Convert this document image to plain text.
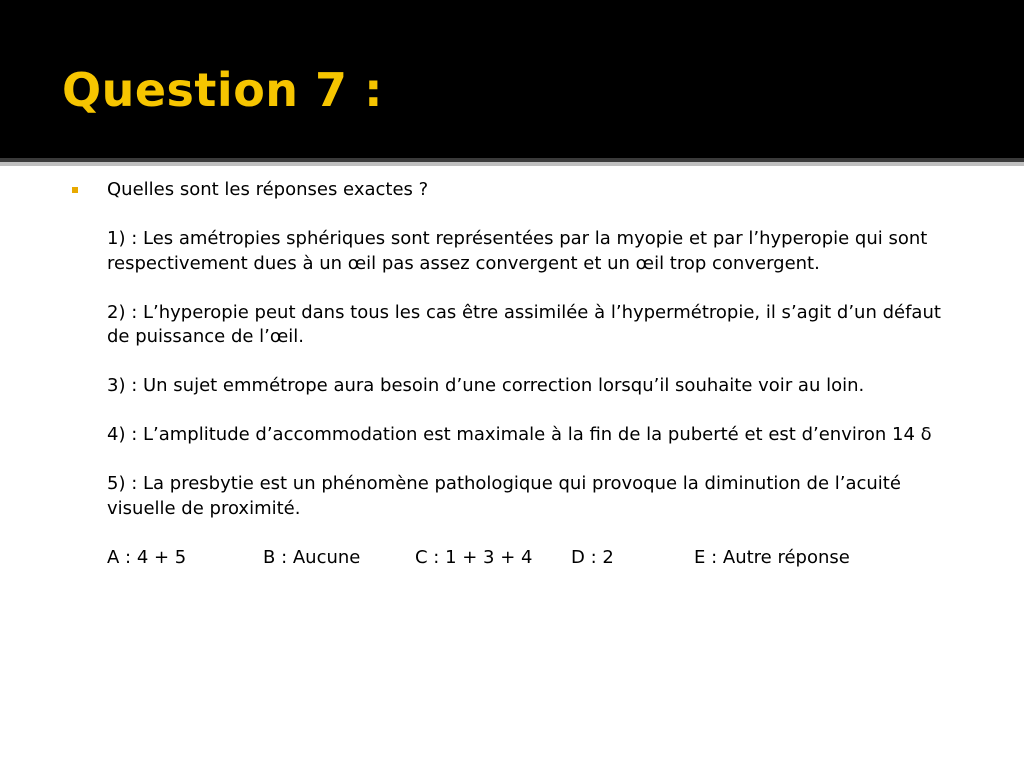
Question 7 :

Quelles sont les réponses exactes ?

1) : Les amétropies sphériques sont représentées par la myopie et par l’hyperopie qui sont respectivement dues à un œil pas assez convergent et un œil trop convergent.

2) : L’hyperopie peut dans tous les cas être assimilée à l’hypermétropie, il s’agit d’un défaut de puissance de l’œil.

3) : Un sujet emmétrope aura besoin d’une correction lorsqu’il souhaite voir au loin.

4) : L’amplitude d’accommodation est maximale à la fin de la puberté et est d’environ 14 δ

5) : La presbytie est un phénomène pathologique qui provoque la diminution de l’acuité visuelle de proximité.

A : 4 + 5	B : Aucune	C : 1 + 3 + 4 D : 2	E : Autre réponse
